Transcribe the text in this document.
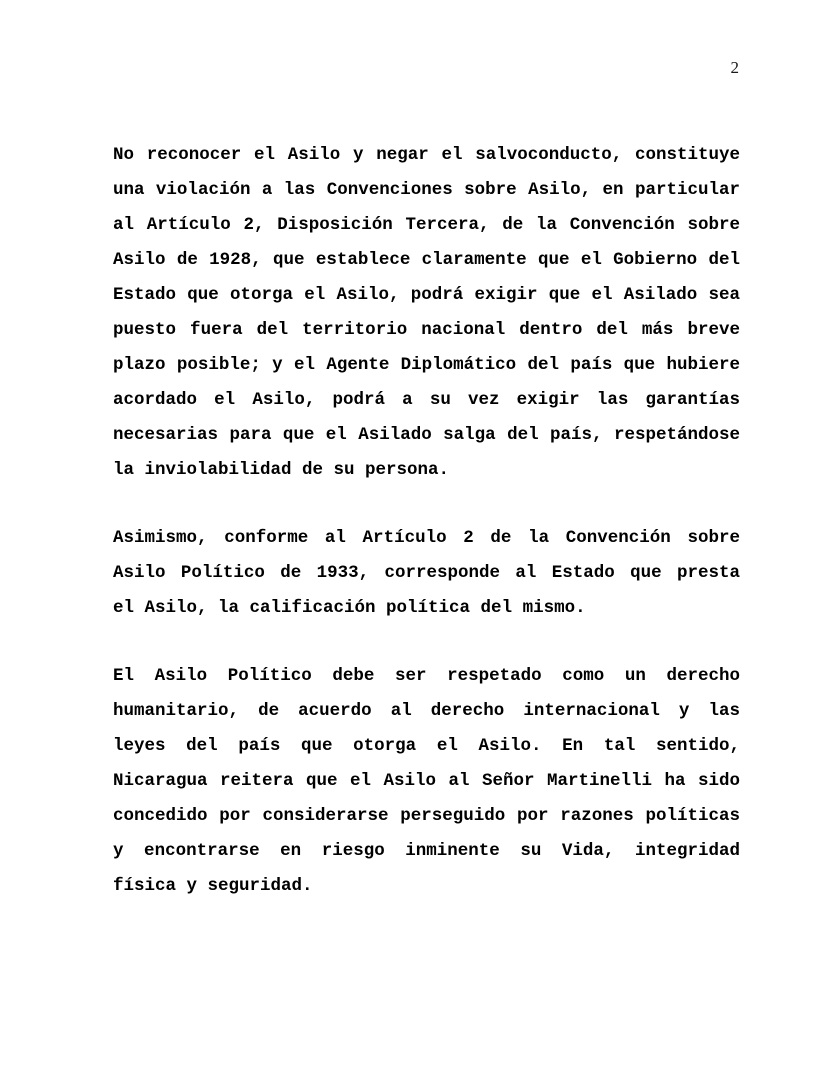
2
No reconocer el Asilo y negar el salvoconducto, constituye
una violación a las Convenciones sobre Asilo, en particular
al Artículo 2, Disposición Tercera, de la Convención sobre
Asilo de 1928, que establece claramente que el Gobierno del
Estado que otorga el Asilo, podrá exigir que el Asilado sea
puesto fuera del territorio nacional dentro del más breve
plazo posible; y el Agente Diplomático del país que hubiere
acordado el Asilo, podrá a su vez exigir las garantías
necesarias para que el Asilado salga del país, respetándose
la inviolabilidad de su persona.
Asimismo, conforme al Artículo 2 de la Convención sobre
Asilo Político de 1933, corresponde al Estado que presta
el Asilo, la calificación política del mismo.
El Asilo Político debe ser respetado como un derecho
humanitario, de acuerdo al derecho internacional y las
leyes del país que otorga el Asilo. En tal sentido,
Nicaragua reitera que el Asilo al Señor Martinelli ha sido
concedido por considerarse perseguido por razones políticas
y encontrarse en riesgo inminente su Vida, integridad
física y seguridad.
